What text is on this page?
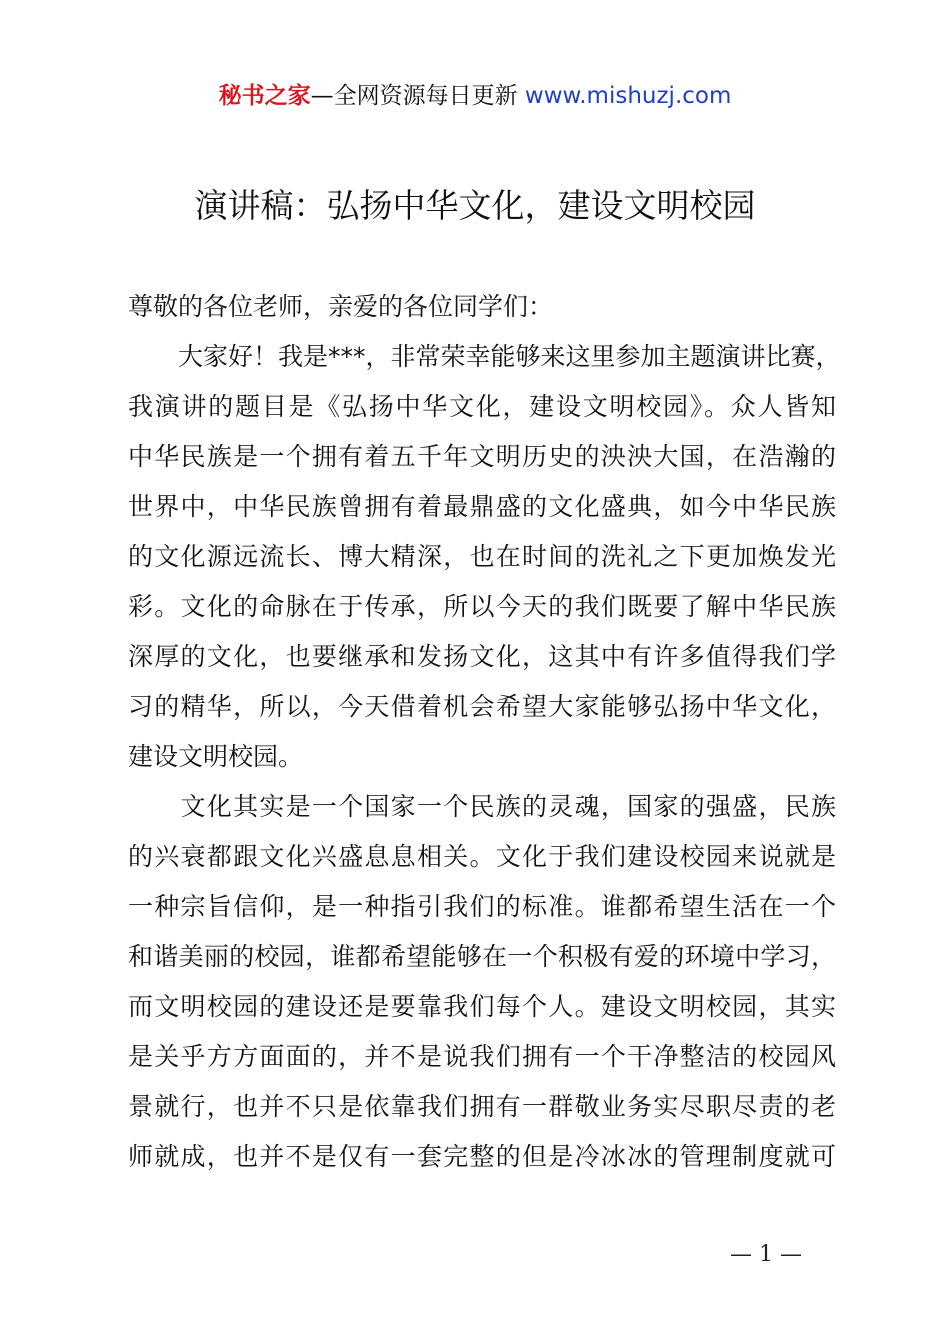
秘书之家—全网资源每日更新 www.mishuzj.com
演讲稿：弘扬中华文化，建设文明校园
尊敬的各位老师，亲爱的各位同学们：
　　大家好！我是***，非常荣幸能够来这里参加主题演讲比赛，
我演讲的题目是《弘扬中华文化，建设文明校园》。众人皆知
中华民族是一个拥有着五千年文明历史的泱泱大国，在浩瀚的
世界中，中华民族曾拥有着最鼎盛的文化盛典，如今中华民族
的文化源远流长、博大精深，也在时间的洗礼之下更加焕发光
彩。文化的命脉在于传承，所以今天的我们既要了解中华民族
深厚的文化，也要继承和发扬文化，这其中有许多值得我们学
习的精华，所以，今天借着机会希望大家能够弘扬中华文化，
建设文明校园。
　　文化其实是一个国家一个民族的灵魂，国家的强盛，民族
的兴衰都跟文化兴盛息息相关。文化于我们建设校园来说就是
一种宗旨信仰，是一种指引我们的标准。谁都希望生活在一个
和谐美丽的校园，谁都希望能够在一个积极有爱的环境中学习，
而文明校园的建设还是要靠我们每个人。建设文明校园，其实
是关乎方方面面的，并不是说我们拥有一个干净整洁的校园风
景就行，也并不只是依靠我们拥有一群敬业务实尽职尽责的老
师就成，也并不是仅有一套完整的但是冷冰冰的管理制度就可
— 1 —
